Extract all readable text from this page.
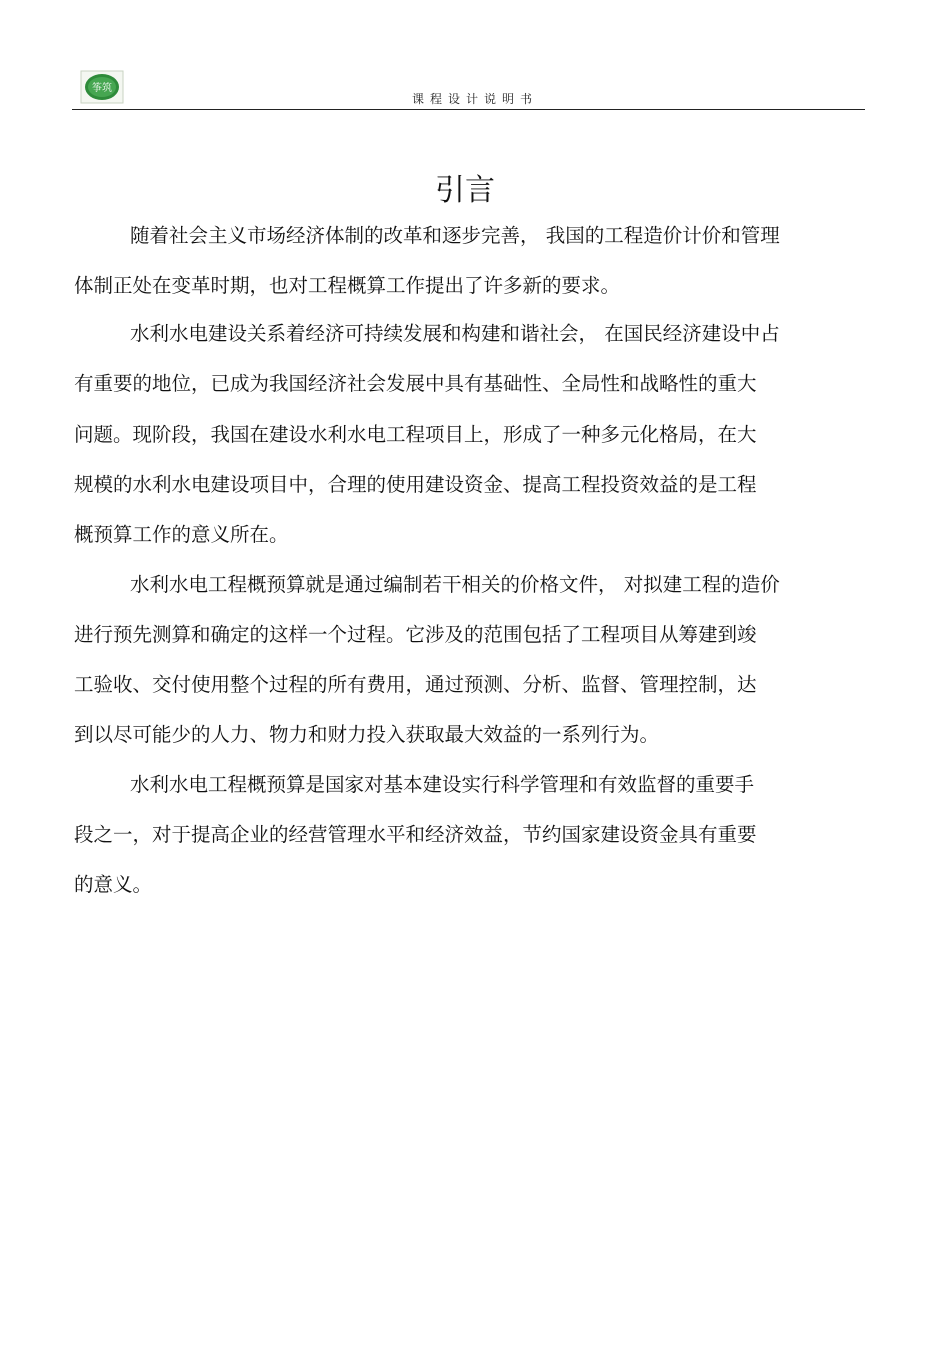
筝筑
课程设计说明书
引言
随着社会主义市场经济体制的改革和逐步完善， 我国的工程造价计价和管理
体制正处在变革时期，也对工程概算工作提出了许多新的要求。
水利水电建设关系着经济可持续发展和构建和谐社会， 在国民经济建设中占
有重要的地位，已成为我国经济社会发展中具有基础性、全局性和战略性的重大
问题。现阶段，我国在建设水利水电工程项目上，形成了一种多元化格局，在大
规模的水利水电建设项目中，合理的使用建设资金、提高工程投资效益的是工程
概预算工作的意义所在。
水利水电工程概预算就是通过编制若干相关的价格文件， 对拟建工程的造价
进行预先测算和确定的这样一个过程。它涉及的范围包括了工程项目从筹建到竣
工验收、交付使用整个过程的所有费用，通过预测、分析、监督、管理控制，达
到以尽可能少的人力、物力和财力投入获取最大效益的一系列行为。
水利水电工程概预算是国家对基本建设实行科学管理和有效监督的重要手
段之一，对于提高企业的经营管理水平和经济效益，节约国家建设资金具有重要
的意义。
